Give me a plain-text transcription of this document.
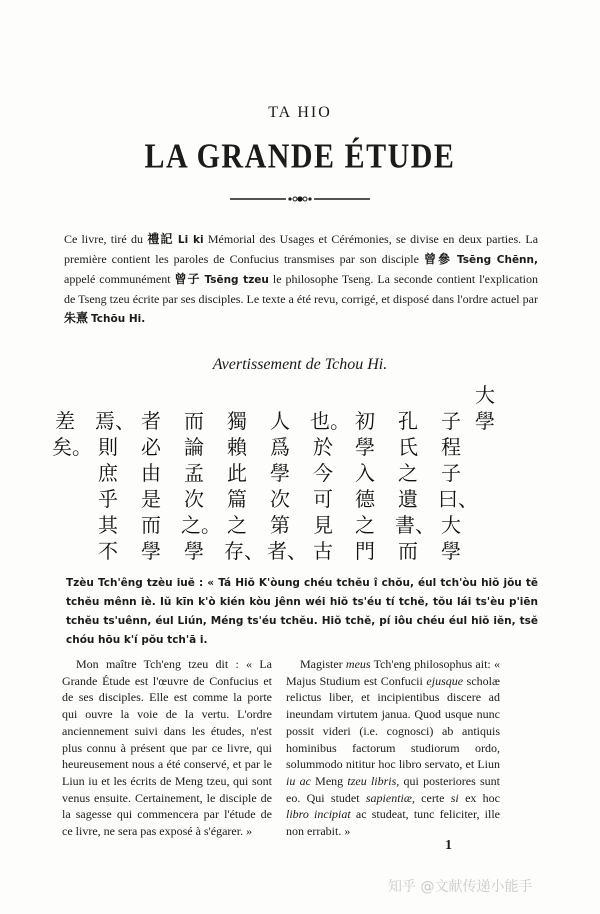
TA HIO
LA GRANDE ÉTUDE
Ce livre, tiré du 禮記 Li ki Mémorial des Usages et Cérémonies, se divise en deux parties. La première contient les paroles de Confucius transmises par son disciple 曾參 Tsēng Chēnn, appelé communément 曾子 Tsēng tzeu le philosophe Tseng. La seconde contient l'explication de Tseng tzeu écrite par ses disciples. Le texte a été revu, corrigé, et disposé dans l'ordre actuel par 朱熹 Tchōu Hi.
Avertissement de Tchou Hi.
大學
子程子曰、大學
孔氏之遺書、而
初學入德之門
也。於今可見古
人爲學次第者、
獨賴此篇之存、
而論孟次之。學
者必由是而學
焉、則庶乎其不
差矣。
Tzèu Tch'êng tzèu iuĕ : « Tá Hiŏ K'òung chéu tchĕu î chŏu, éul tch'òu hiŏ jŏu tĕ tchĕu mênn iè. Iŭ kīn k'ò kién kòu jênn wéi hiŏ ts'éu tí tchĕ, tŏu lái ts'èu p'iēn tchĕu ts'uênn, éul Liún, Méng ts'éu tchĕu. Hiŏ tchĕ, pí iôu chéu éul hiŏ iĕn, tsĕ chóu hōu k'í pŏu tch'ā i.

Mon maître Tch'eng tzeu dit : « La Grande Étude est l'œuvre de Confucius et de ses disciples. Elle est comme la porte qui ouvre la voie de la vertu. L'ordre anciennement suivi dans les études, n'est plus connu à présent que par ce livre, qui heureusement nous a été conservé, et par le Liun iu et les écrits de Meng tzeu, qui sont venus ensuite. Certainement, le disciple de la sagesse qui commencera par l'étude de ce livre, ne sera pas exposé à s'égarer. »

Magister meus Tch'eng philosophus ait: « Majus Studium est Confucii ejusque scholæ relictus liber, et incipientibus discere ad ineundam virtutem janua. Quod usque nunc possit videri (i.e. cognosci) ab antiquis hominibus factorum studiorum ordo, solummodo nititur hoc libro servato, et Liun iu ac Meng tzeu libris, qui posteriores sunt eo. Qui studet sapientiæ, certe si ex hoc libro incipiat ac studeat, tunc feliciter, ille non errabit. »

1
知乎 @文献传递小能手
